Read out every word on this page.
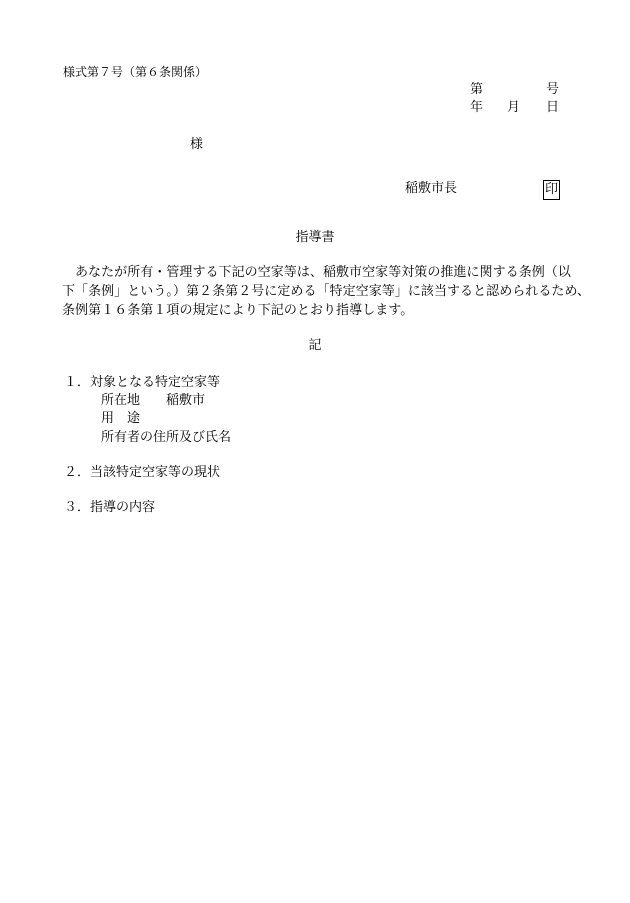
様式第７号（第６条関係）
第	号
年 月 日
様
稲敷市長	印
指導書
あなたが所有・管理する下記の空家等は、稲敷市空家等対策の推進に関する条例（以
下「条例」という。）第２条第２号に定める「特定空家等」に該当すると認められるため、
条例第１６条第１項の規定により下記のとおり指導します。
記
１．対象となる特定空家等
所在地 稲敷市
用　途
所有者の住所及び氏名
２．当該特定空家等の現状
３．指導の内容
